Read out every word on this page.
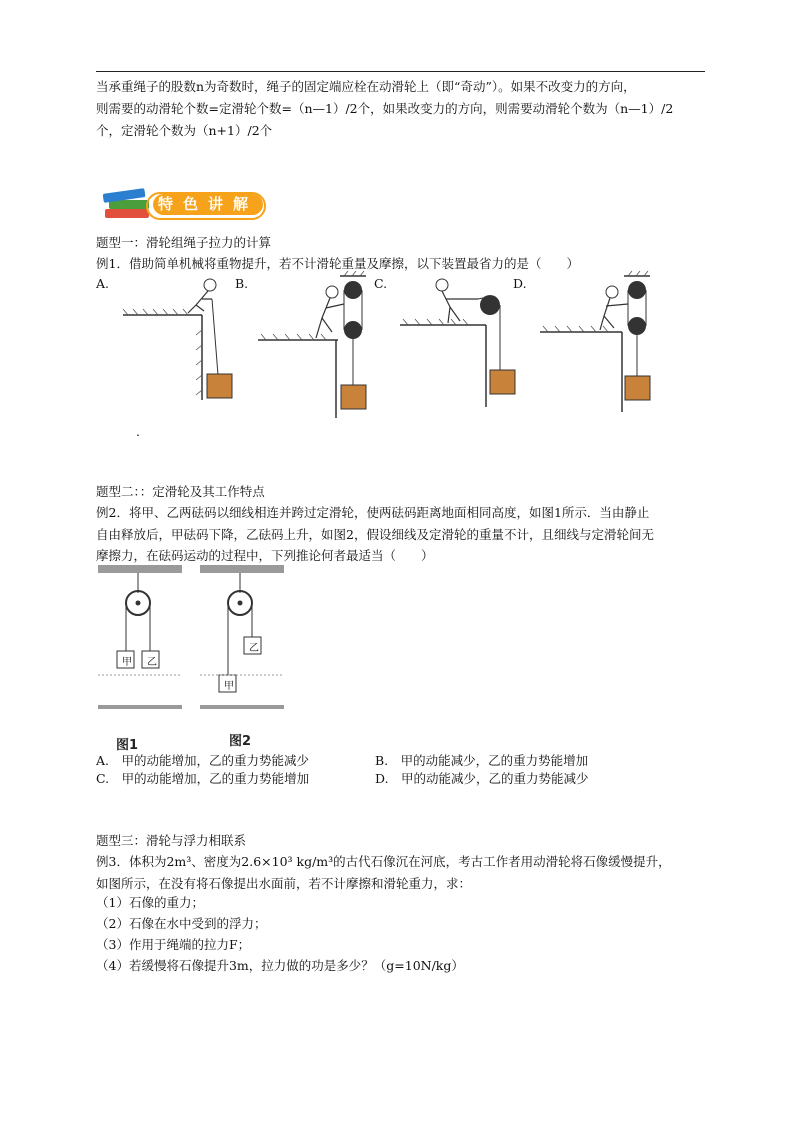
当承重绳子的股数n为奇数时，绳子的固定端应栓在动滑轮上（即“奇动”）。如果不改变力的方向，
则需要的动滑轮个数=定滑轮个数=（n—1）/2个，如果改变力的方向，则需要动滑轮个数为（n—1）/2
个，定滑轮个数为（n+1）/2个
特色讲解
题型一：滑轮组绳子拉力的计算
例1．借助简单机械将重物提升，若不计滑轮重量及摩擦，以下装置最省力的是（　　）
A.	B.	C.	D.
.
题型二：：定滑轮及其工作特点
例2．将甲、乙两砝码以细线相连并跨过定滑轮，使两砝码距离地面相同高度，如图1所示．当由静止
自由释放后，甲砝码下降，乙砝码上升，如图2，假设细线及定滑轮的重量不计，且细线与定滑轮间无
摩擦力，在砝码运动的过程中，下列推论何者最适当（　　）
甲 乙
图1
乙
甲
图2
A.　甲的动能增加，乙的重力势能减少	B.　甲的动能减少，乙的重力势能增加
C.　甲的动能增加，乙的重力势能增加	D.　甲的动能减少，乙的重力势能减少
题型三：滑轮与浮力相联系
例3．体积为2m³、密度为2.6×10³ kg/m³的古代石像沉在河底，考古工作者用动滑轮将石像缓慢提升，
如图所示，在没有将石像提出水面前，若不计摩擦和滑轮重力，求：
（1）石像的重力；
（2）石像在水中受到的浮力；
（3）作用于绳端的拉力F；
（4）若缓慢将石像提升3m，拉力做的功是多少？（g=10N/kg）
